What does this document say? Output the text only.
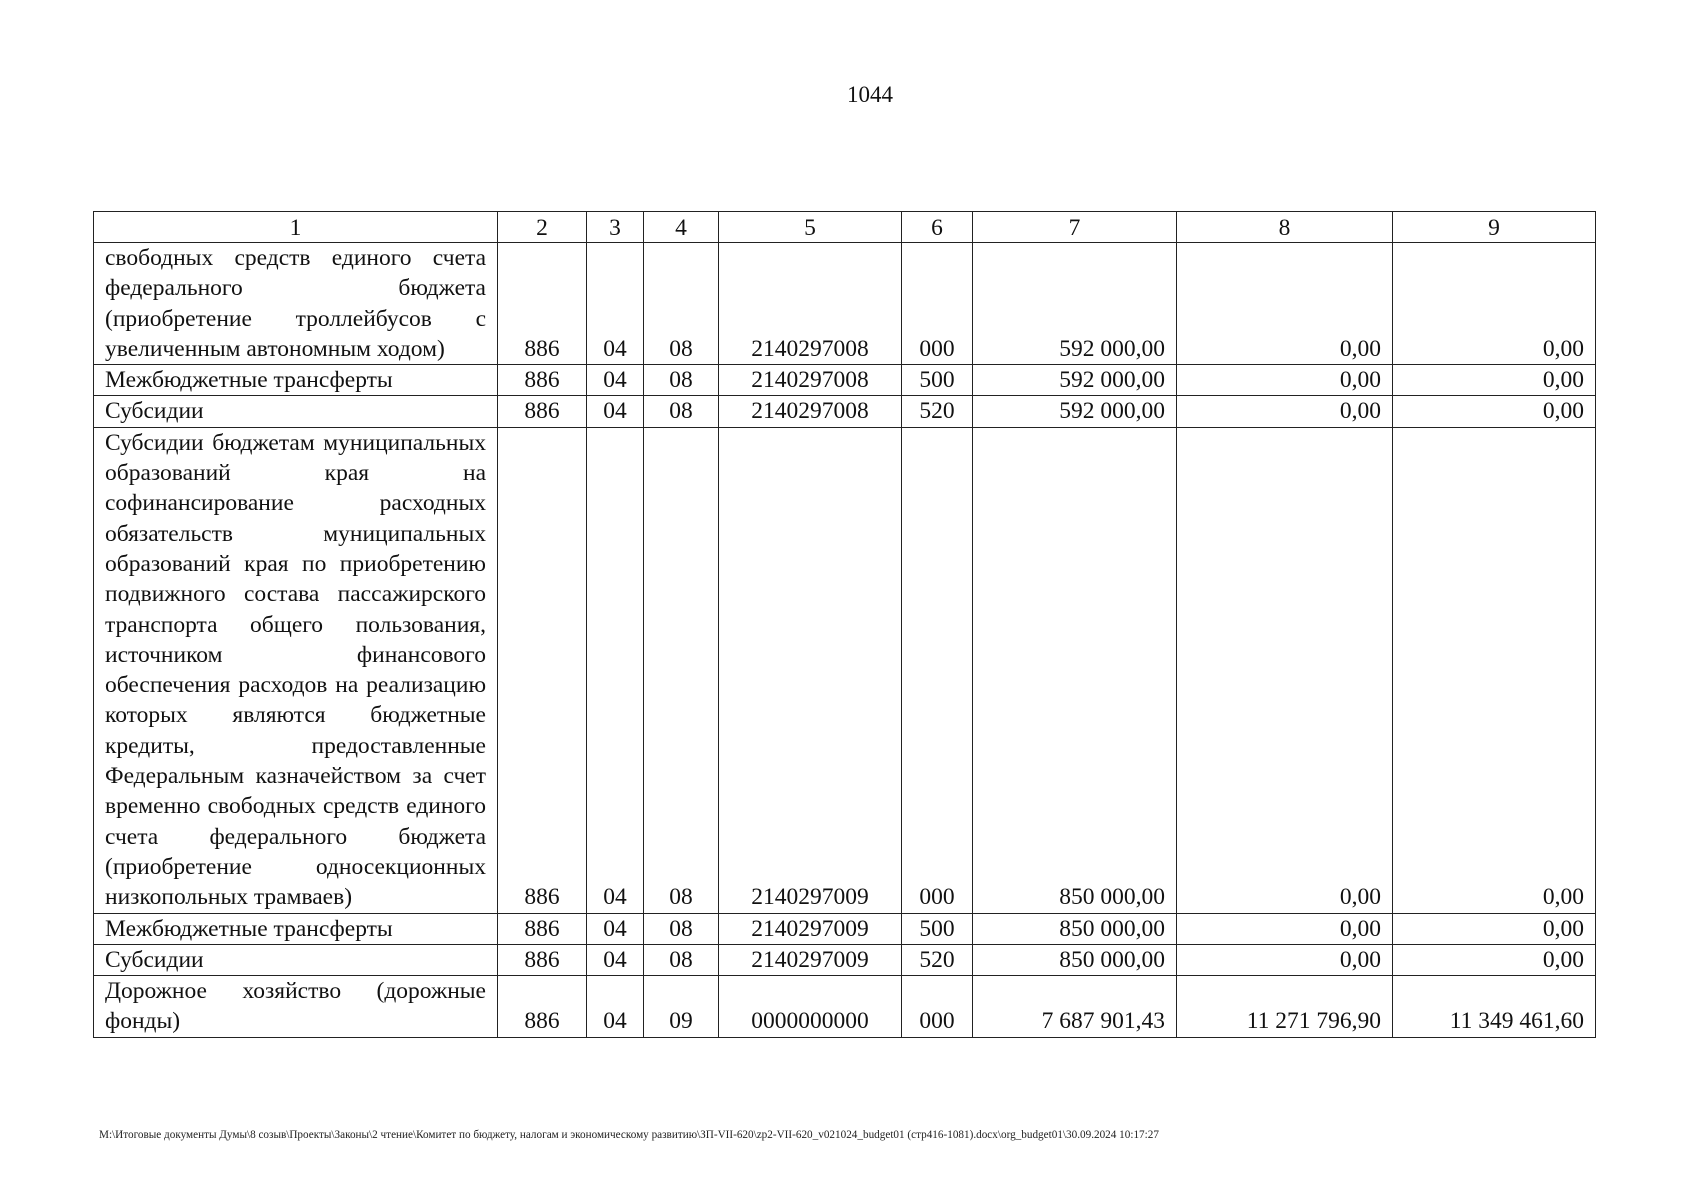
1044
1	2	3	4	5	6	7	8	9
свободных средств единого счета федерального бюджета (приобретение троллейбусов с увеличенным автономным ходом)	886	04	08	2140297008	000	592 000,00	0,00	0,00
Межбюджетные трансферты	886	04	08	2140297008	500	592 000,00	0,00	0,00
Субсидии	886	04	08	2140297008	520	592 000,00	0,00	0,00
Субсидии бюджетам муниципальных образований края на софинансирование расходных обязательств муниципальных образований края по приобретению подвижного состава пассажирского транспорта общего пользования, источником финансового обеспечения расходов на реализацию которых являются бюджетные кредиты, предоставленные Федеральным казначейством за счет временно свободных средств единого счета федерального бюджета (приобретение односекционных низкопольных трамваев)	886	04	08	2140297009	000	850 000,00	0,00	0,00
Межбюджетные трансферты	886	04	08	2140297009	500	850 000,00	0,00	0,00
Субсидии	886	04	08	2140297009	520	850 000,00	0,00	0,00
Дорожное хозяйство (дорожные фонды)	886	04	09	0000000000	000	7 687 901,43	11 271 796,90	11 349 461,60
M:\Итоговые документы Думы\8 созыв\Проекты\Законы\2 чтение\Комитет по бюджету, налогам и экономическому развитию\ЗП-VII-620\zp2-VII-620_v021024_budget01 (стр416-1081).docx\org_budget01\30.09.2024 10:17:27
